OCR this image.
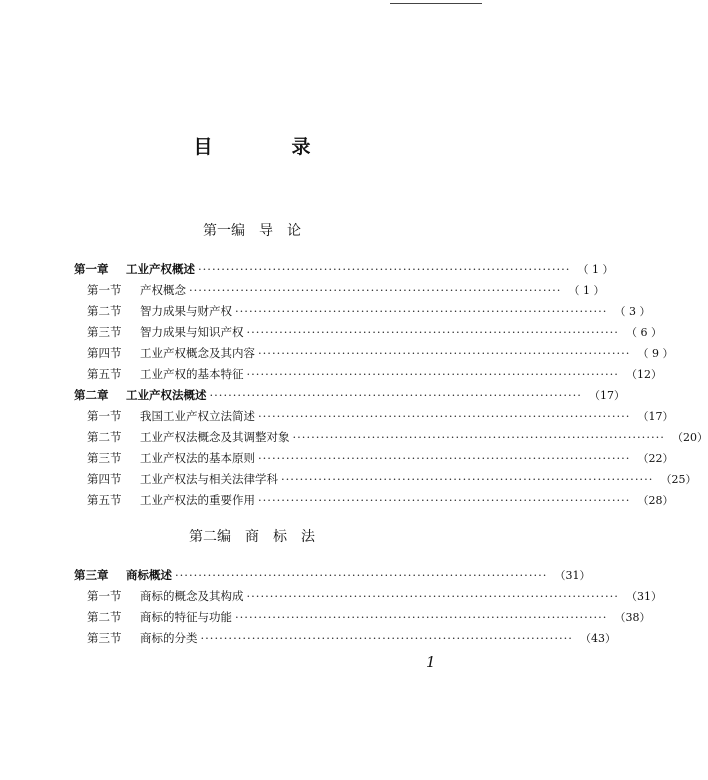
目　录
第一编　导　论
第一章 工业产权概述 ················································································ （ 1 ）
第一节 产权概念 ················································································ （ 1 ）
第二节 智力成果与财产权 ················································································ （ 3 ）
第三节 智力成果与知识产权 ················································································ （ 6 ）
第四节 工业产权概念及其内容 ················································································ （ 9 ）
第五节 工业产权的基本特征 ················································································ （12）
第二章 工业产权法概述 ················································································ （17）
第一节 我国工业产权立法简述 ················································································ （17）
第二节 工业产权法概念及其调整对象 ················································································ （20）
第三节 工业产权法的基本原则 ················································································ （22）
第四节 工业产权法与相关法律学科 ················································································ （25）
第五节 工业产权法的重要作用 ················································································ （28）
第二编　商　标　法
第三章 商标概述 ················································································ （31）
第一节 商标的概念及其构成 ················································································ （31）
第二节 商标的特征与功能 ················································································ （38）
第三节 商标的分类 ················································································ （43）
1
